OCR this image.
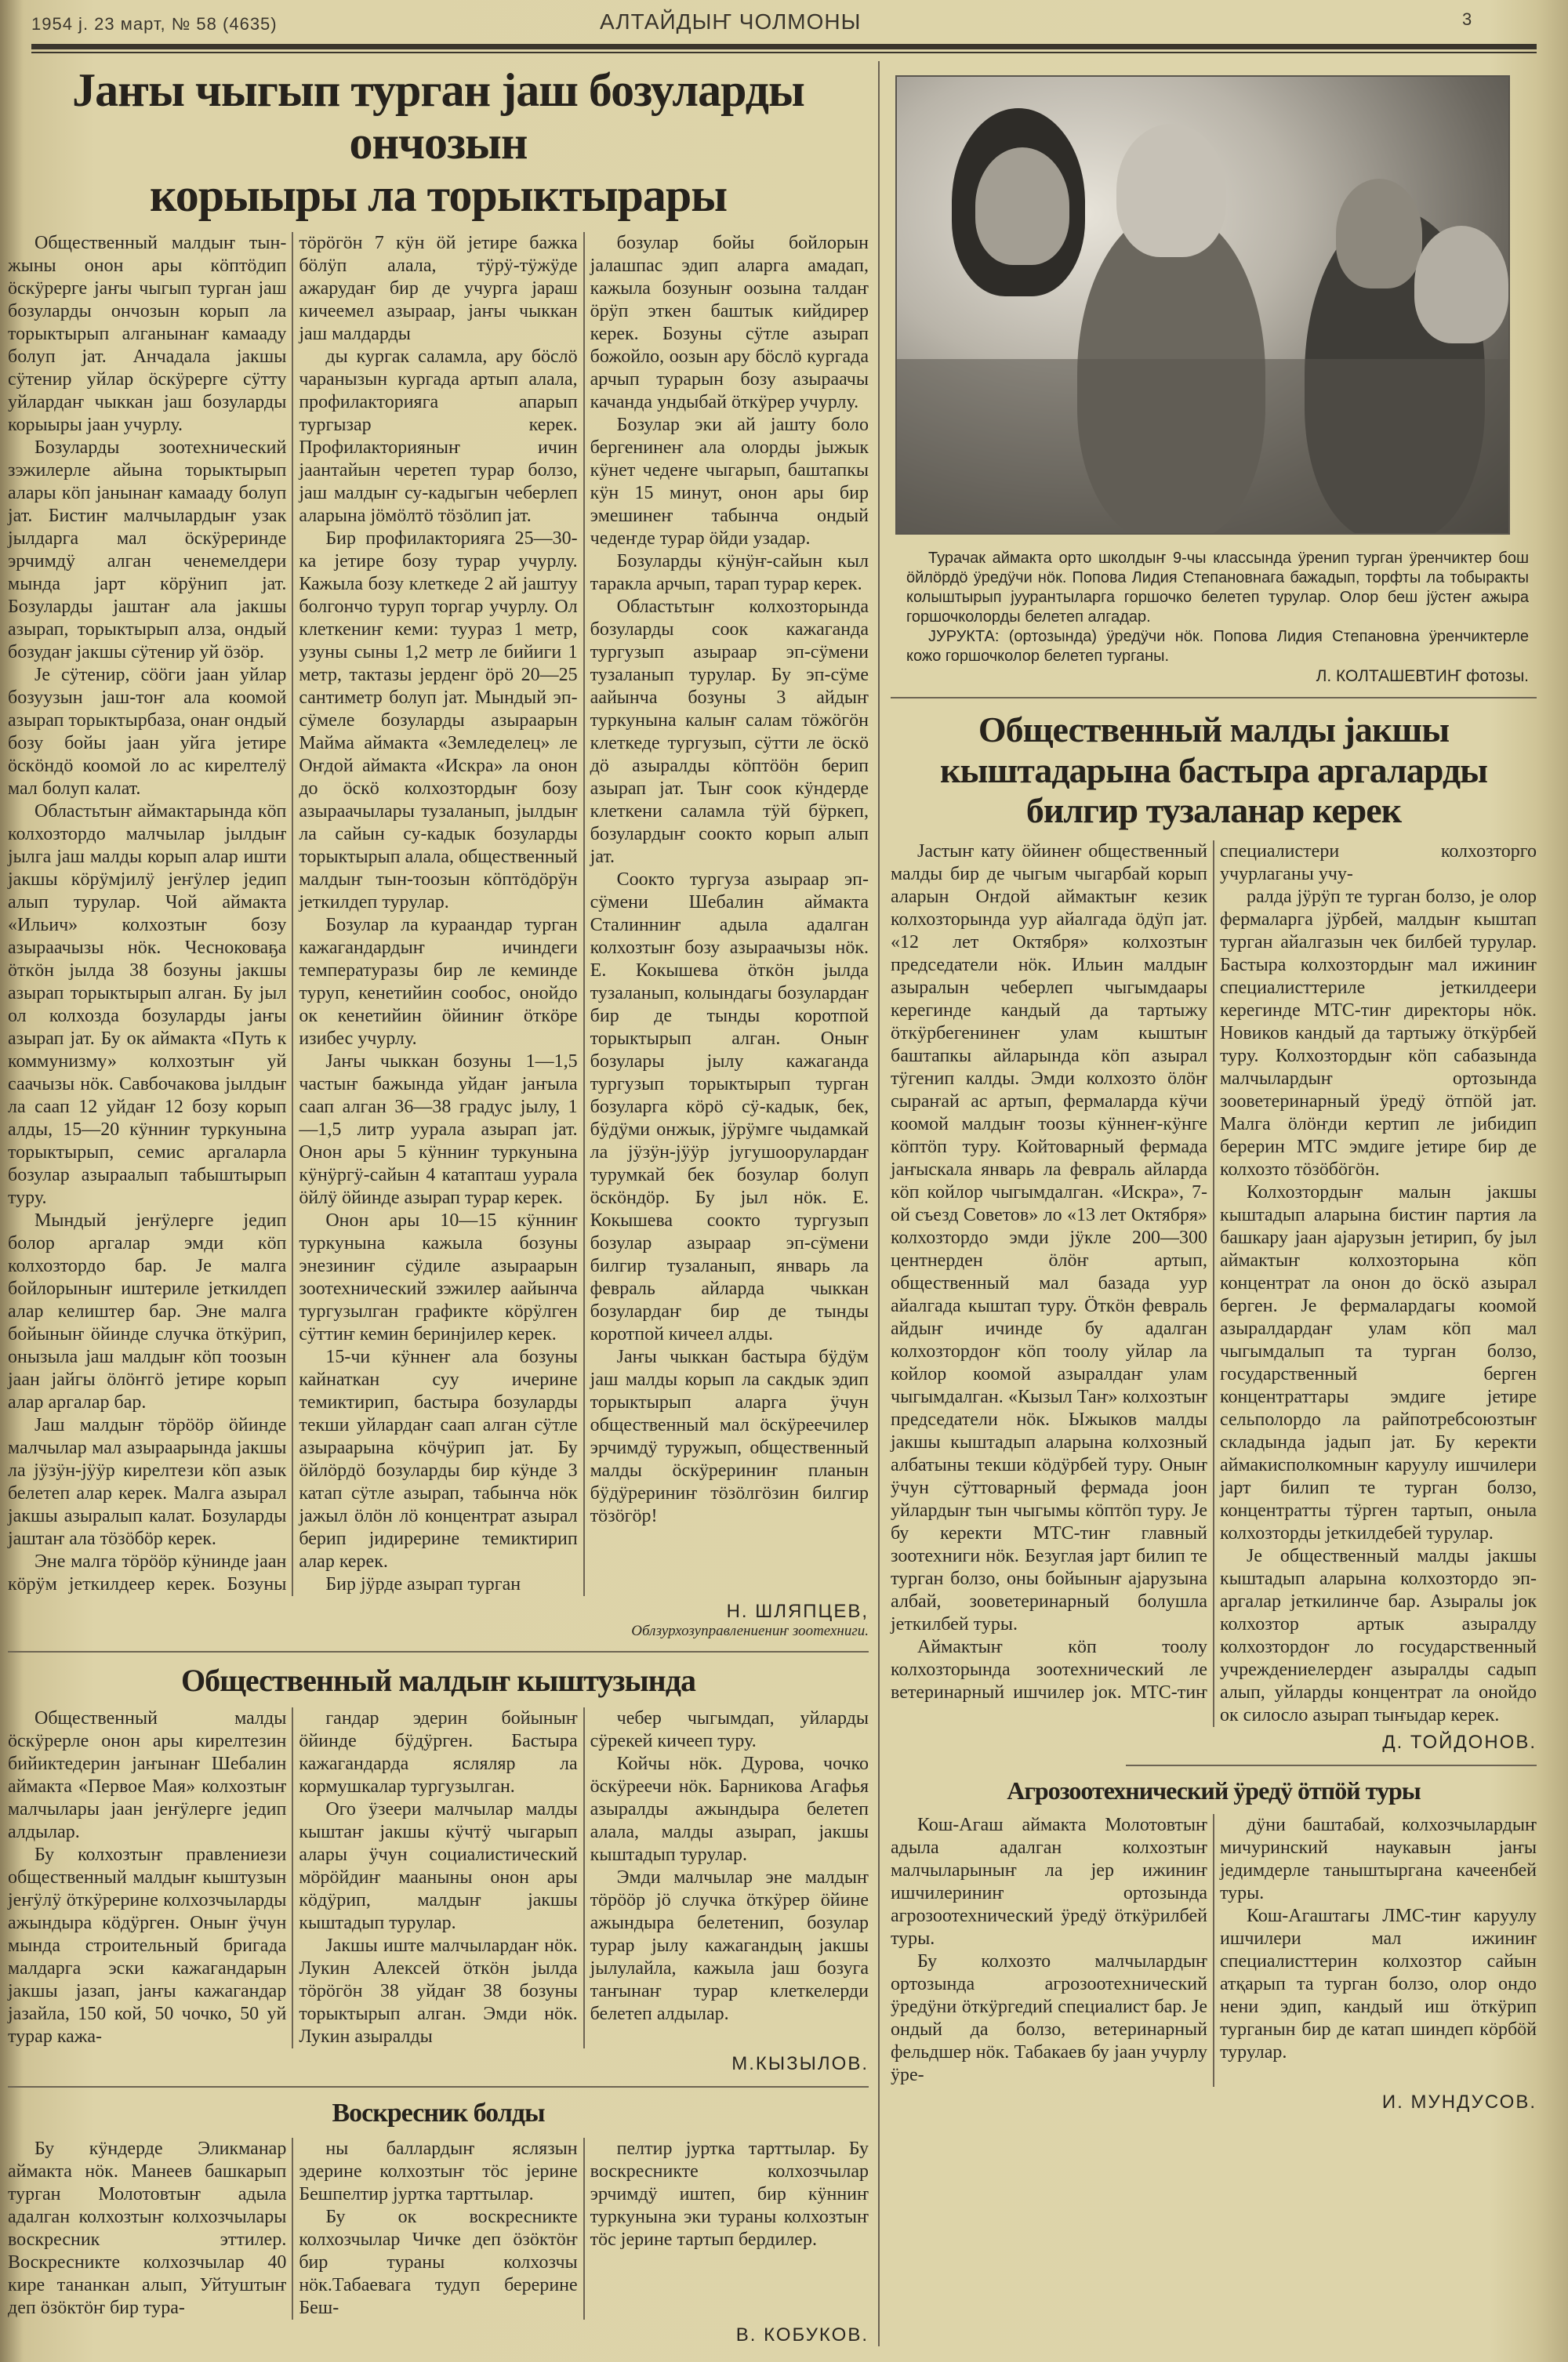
1954 j. 23 март, № 58 (4635)	АЛТАЙДЫҤ ЧОЛМОНЫ	3
Jаҥы чыгып турган jаш бозуларды ончозын
корыыры ла торыктырары

Общественный малдыҥ тын-жыны онон ары кӧптӧдип ӧскӱрерге jаҥы чыгып турган jаш бозуларды ончозын корып ла торыктырып алганынаҥ камааду болуп jат. Анчадала jакшы сӱтенир уйлар ӧскӱрерге сӱтту уйлардаҥ чыккан jаш бозуларды корыыры jаан учурлу.

Бозуларды зоотехнический зэжилерле айына торыктырып алары кӧп jанынаҥ камааду болуп jат. Бистиҥ малчылардыҥ узак jылдарга мал ӧскӱреринде эрчимдӱ алган ченемелдери мында jарт кӧрӱнип jат. Бозуларды jаштаҥ ала jакшы азырап, торыктырып алза, ондый бозудаҥ jакшы сӱтенир уй ӧзӧр.

Jе сӱтенир, сӧӧги jаан уйлар бозуузын jаш-тоҥ ала коомой азырап торыктырбаза, онаҥ ондый бозу бойы jаан уйга jетире ӧскӧндӧ коомой ло ас кирелтелӱ мал болуп калат.

Областьтыҥ аймактарында кӧп колхозтордо малчылар jылдыҥ jылга jаш малды корып алар ишти jакшы кӧрӱмjилӱ jеҥӱлер jедип алып турулар. Чой аймакта «Ильич» колхозтыҥ бозу азыраачызы нӧк. Чесноковаҕа ӧткӧн jылда 38 бозуны jакшы азырап торыктырып алган. Бу jыл ол колхозда бозуларды jаҥы азырап jат. Бу ок аймакта «Путь к коммунизму» колхозтыҥ уй саачызы нӧк. Савбочакова jылдыҥ ла саап 12 уйдаҥ 12 бозу корып алды, 15—20 кӱнниҥ туркунына торыктырып, семис аргаларла бозулар азыраалып табыштырып туру.

Мындый jеҥӱлерге jедип болор аргалар эмди кӧп колхозтордо бар. Je малга бойлорыныҥ иштериле jеткилдеп алар келиштер бар. Эне малга бойыныҥ ӧйинде случка ӧткӱрип, онызыла jаш малдыҥ кӧп тоозын jаан jайгы ӧлӧҥгӧ jетире корып алар аргалар бар.

Jаш малдыҥ тӧрӧӧр ӧйинде малчылар мал азыраарында jакшы ла jӱзӱн-jӱӱр кирелтези кӧп азык белетеп алар керек. Малга азырал jакшы азыралып калат. Бозуларды jаштаҥ ала тӧзӧбӧр керек.

Эне малга тӧрӧӧр кӱнинде jаан кӧрӱм jеткилдеер керек. Бозуны тӧрӧгӧн 7 кӱн ӧй jетире бажка бӧлӱп алала, тӱрӱ-тӱжӱде ажарудаҥ бир де учурга jараш кичеемел азыраар, jаҥы чыккан jаш малдарды

ды кургак саламла, ару бӧслӧ чаранызын кургада артып алала, профилакторияга апарып тургызар керек. Профилакторияныҥ ичин jаантайын черетеп турар болзо, jаш малдыҥ су-кадыгын чеберлеп аларына jӧмӧлтӧ тӧзӧлип jат.

Бир профилакторияга 25—30-ка jетире бозу турар учурлу. Кажыла бозу клеткеде 2 ай jаштуу болгончо туруп торгар учурлу. Ол клеткениҥ кеми: туураз 1 метр, узуны сыны 1,2 метр ле бийиги 1 метр, тактазы jерденг ӧрӧ 20—25 сантиметр болуп jат. Мындый эп-сӱмеле бозуларды азыраарын Майма аймакта «Земледелец» ле Оҥдой аймакта «Искра» ла онон до ӧскӧ колхозтордыҥ бозу азыраачылары тузаланып, jылдыҥ ла сайын су-кадык бозуларды торыктырып алала, общественный малдыҥ тын-тоозын кӧптӧдӧрӱн jеткилдеп турулар.

Бозулар ла кураандар турган кажагандардыҥ ичиндеги температуразы бир ле кеминде туруп, кенетийин сообос, онойдо ок кенетийин ӧйиниҥ ӧткӧре изибес учурлу.

Jаҥы чыккан бозуны 1—1,5 частыҥ бажында уйдаҥ jаҥыла саап алган 36—38 градус jылу, 1—1,5 литр уурала азырап jат. Онон ары 5 кӱнниҥ туркунына кӱнӱргӱ-сайын 4 катапташ уурала ӧйлӱ ӧйинде азырап турар керек.

Онон ары 10—15 кӱнниҥ туркунына кажыла бозуны энезиниҥ сӱдиле азыраарын зоотехнический зэжилер аайынча тургузылган графикте кӧрӱлген сӱттиҥ кемин беринjилер керек.

15-чи кӱннеҥ ала бозуны кайнаткан суу ичерине темиктирип, бастыра бозуларды текши уйлардаҥ саап алган сӱтле азыраарына кӧчӱрип jат. Бу ӧйлӧрдӧ бозуларды бир кӱнде 3 катап сӱтле азырап, табынча нӧк jажыл ӧлӧн лӧ концентрат азырал берип jидирерине темиктирип алар керек.

Бир jӱрде азырап турган

бозулар бойы бойлорын jалашпас эдип аларга амадап, кажыла бозуныҥ оозына талдаҥ ӧрӱп эткен баштык кийдирер керек. Бозуны сӱтле азырап божойло, оозын ару бӧслӧ кургада арчып турарын бозу азыраачы качанда ундыбай ӧткӱрер учурлу.

Бозулар эки ай jашту боло бергенинеҥ ала олорды jыжык кӱнет чедеҥе чыгарып, баштапкы кӱн 15 минут, онон ары бир эмешинеҥ табынча ондый чедеҥде турар ӧйди узадар.

Бозуларды кӱнӱҥ-сайын кыл таракла арчып, тарап турар керек.

Областьтыҥ колхозторында бозуларды соок кажаганда тургузып азыраар эп-сӱмени тузаланып турулар. Бу эп-сӱме аайынча бозуны 3 айдыҥ туркунына калыҥ салам тӧжӧгӧн клеткеде тургузып, сӱтти ле ӧскӧ дӧ азыралды кӧптӧӧн берип азырап jат. Тыҥ соок кӱндерде клеткени саламла тӱй бӱркеп, бозулардыҥ соокто корып алып jат.

Соокто тургуза азыраар эп-сӱмени Шебалин аймакта Сталинниҥ адыла адалган колхозтыҥ бозу азыраачызы нӧк. Е. Кокышева ӧткӧн jылда тузаланып, колындагы бозулардаҥ бир де тынды коротпой торыктырып алган. Оныҥ бозулары jылу кажаганда тургузып торыктырып турган бозуларга кӧрӧ сӱ-кадык, бек, бӱдӱми онжык, jӱрӱмге чыдамкай ла jӱзӱн-jӱӱр jугушоорулардаҥ турумкай бек бозулар болуп ӧскӧндӧр. Бу jыл нӧк. Е. Кокышева соокто тургузып бозулар азыраар эп-сӱмени билгир тузаланып, январь ла февраль айларда чыккан бозулардаҥ бир де тынды коротпой кичеел алды.

Jаҥы чыккан бастыра бӱдӱм jаш малды корып ла сакдык эдип торыктырып аларга ӱчун общественный мал ӧскӱреечилер эрчимдӱ туружып, общественный малды ӧскӱрериниҥ планын бӱдӱрериниҥ тӧзӧлгӧзин билгир тӧзӧгӧр!

Н. ШЛЯПЦЕВ,
Облзурхозуправлениениҥ зоотехниги.
Общественный малдыҥ кыштузында

Общественный малды ӧскӱрерле онон ары кирелтезин бийиктедерин jаҥынаҥ Шебалин аймакта «Первое Мая» колхозтыҥ малчылары jаан jеҥӱлерге jедип алдылар.

Бу колхозтыҥ правлениези общественный малдыҥ кыштузын jеҥӱлӱ ӧткӱрерине колхозчыларды ажындыра кӧдӱрген. Оныҥ ӱчун мында строительный бригада малдарга эски кажагандарын jакшы jазап, jаҥы кажагандар jазайла, 150 кой, 50 чочко, 50 уй турар кажа-

гандар эдерин бойыныҥ ӧйинде бӱдӱрген. Бастыра кажагандарда ясляляр ла кормушкалар тургузылган.

Ого ӱзеери малчылар малды кыштаҥ jакшы кӱчтӱ чыгарып алары ӱчун социалистический мӧрӧйдиҥ мааныны онон ары кӧдӱрип, малдыҥ jакшы кыштадып турулар.

Jакшы иште малчылардаҥ нӧк. Лукин Алексей ӧткӧн jылда тӧрӧгӧн 38 уйдаҥ 38 бозуны торыктырып алган. Эмди нӧк. Лукин азыралды

чебер чыгымдап, уйларды сӱрекей кичееп туру.

Койчы нӧк. Дурова, чочко ӧскӱреечи нӧк. Барникова Агафья азыралды ажындыра белетеп алала, малды азырап, jакшы кыштадып турулар.

Эмди малчылар эне малдыҥ тӧрӧӧр jӧ случка ӧткӱрер ӧйине ажындыра белетенип, бозулар турар jылу кажагандың jакшы jылулайла, кажыла jаш бозуга таҥынаҥ турар клеткелерди белетеп алдылар.

М.КЫЗЫЛОВ.
Воскресник болды

Бу кӱндерде Эликманар аймакта нӧк. Манеев башкарып турган Молотовтыҥ адыла адалган колхозтыҥ колхозчылары воскресник эттилер. Воскресникте колхозчылар 40 кире тананкан алып, Уйтуштыҥ деп ӧзӧктӧҥ бир тура-

ны баллардыҥ яслязын эдерине колхозтыҥ тӧс jерине Бешпелтир jуртка тарттылар.

Бу ок воскресникте колхозчылар Чичке деп ӧзӧктӧҥ бир тураны колхозчы нӧк.Табаевага тудуп берерине Беш-

пелтир jуртка тарттылар. Бу воскресникте колхозчылар эрчимдӱ иштеп, бир кӱнниҥ туркунына эки тураны колхозтыҥ тӧс jерине тартып бердилер.

В. КОБУКОВ.

Турачак аймакта орто школдыҥ 9-чы классында ӱренип турган ӱренчиктер бош ӧйлӧрдӧ ӱредӱчи нӧк. Попова Лидия Степановнага бажадып, торфты ла тобыракты колыштырып jуурантыларга горшочко белетеп турулар. Олор беш jӱстеҥ ажыра горшочколорды белетеп алгадар.

JУРУКТА: (ортозында) ӱредӱчи нӧк. Попова Лидия Степановна ӱренчиктерле кожо горшочколор белетеп турганы.

Л. КОЛТАШЕВТИҤ фотозы.
Общественный малды jакшы
кыштадарына бастыра аргаларды
билгир тузаланар керек

Jастыҥ кату ӧйинеҥ общественный малды бир де чыгым чыгарбай корып аларын Оҥдой аймактыҥ кезик колхозторында уур айалгада ӧдӱп jат. «12 лет Октября» колхозтыҥ председатели нӧк. Ильин малдыҥ азыралын чеберлеп чыгымдаары керегинде кандый да тартыжу ӧткӱрбегенинеҥ улам кыштыҥ баштапкы айларында кӧп азырал тӱгенип калды. Эмди колхозто ӧлӧҥ сыраҥай ас артып, фермаларда кӱчи коомой малдыҥ тоозы кӱннеҥ-кӱнге кӧптӧп туру. Койтоварный фермада jаҥыскала январь ла февраль айларда кӧп койлор чыгымдалган. «Искра», 7-ой съезд Советов» ло «13 лет Октября» колхозтордо эмди jӱкле 200—300 центнерден ӧлӧҥ артып, общественный мал базада уур айалгада кыштап туру. Ӧткӧн февраль айдыҥ ичинде бу адалган колхозтордоҥ кӧп тоолу уйлар ла койлор коомой азыралдаҥ улам чыгымдалган. «Кызыл Таҥ» колхозтыҥ председатели нӧк. Ыжыков малды jакшы кыштадып аларына колхозный албатыны текши кӧдӱрбей туру. Оныҥ ӱчун сӱттоварный фермада jоон уйлардыҥ тын чыгымы кӧптӧп туру. Jе бу керекти МТС-тиҥ главный зоотехниги нӧк. Безуглая jарт билип те турган болзо, оны бойыныҥ аjарузына албай, зооветеринарный болушла jеткилбей туры.

Аймактыҥ кӧп тоолу колхозторында зоотехнический ле ветеринарный ишчилер jок. МТС-тиҥ специалистери колхозторго учурлаганы учу-

ралда jӱрӱп те турган болзо, jе олор фермаларга jӱрбей, малдыҥ кыштап турган айалгазын чек билбей турулар. Бастыра колхозтордыҥ мал ижиниҥ специалисттериле jеткилдеери керегинде МТС-тиҥ директоры нӧк. Новиков кандый да тартыжу ӧткӱрбей туру. Колхозтордыҥ кӧп сабазында малчылардыҥ ортозында зооветеринарный ӱредӱ ӧтпӧй jат. Малга ӧлӧҥди кертип ле jибидип берерин МТС эмдиге jетире бир де колхозто тӧзӧбӧгӧн.

Колхозтордыҥ малын jакшы кыштадып аларына бистиҥ партия ла башкару jаан аjарузын jетирип, бу jыл аймактыҥ колхозторына кӧп концентрат ла онон до ӧскӧ азырал берген. Je фермалардагы коомой азыралдардаҥ улам кӧп мал чыгымдалып та турган болзо, государственный берген концентраттары эмдиге jетире сельполордо ла райпотребсоюзтыҥ складында jадып jат. Бу керекти аймакисполкомныҥ каруулу ишчилери jарт билип те турган болзо, концентратты тӱрген тартып, оныла колхозторды jеткилдебей турулар.

Je общественный малды jакшы кыштадып аларына колхозтордо эп-аргалар jеткилинче бар. Азыралы jок колхозтор артык азыралду колхозтордоҥ ло государственный учреждениелердеҥ азыралды садып алып, уйларды концентрат ла онойдо ок силосло азырап тыҥыдар керек.

Д. ТОЙДОНОВ.
Агрозоотехнический ӱредӱ ӧтпӧй туры

Кош-Агаш аймакта Молотовтыҥ адыла адалган колхозтыҥ малчыларыныҥ ла jер ижиниҥ ишчилериниҥ ортозында агрозоотехнический ӱредӱ ӧткӱрилбей туры.

Бу колхозто малчылардыҥ ортозында агрозоотехнический ӱредӱни ӧткӱргедий специалист бар. Je ондый да болзо, ветеринарный фельдшер нӧк. Табакаев бу jаан учурлу ӱре-

дӱни баштабай, колхозчылардыҥ мичуринский наукавын jаҥы jедимдерле таныштыргана качеенбей туры.

Кош-Агаштагы ЛМС-тиҥ каруулу ишчилери мал ижиниҥ специалисттерин колхозтор сайын атқарып та турган болзо, олор ондо нени эдип, кандый иш ӧткӱрип турганын бир де катап шиндеп кӧрбӧй турулар.

И. МУНДУСОВ.
